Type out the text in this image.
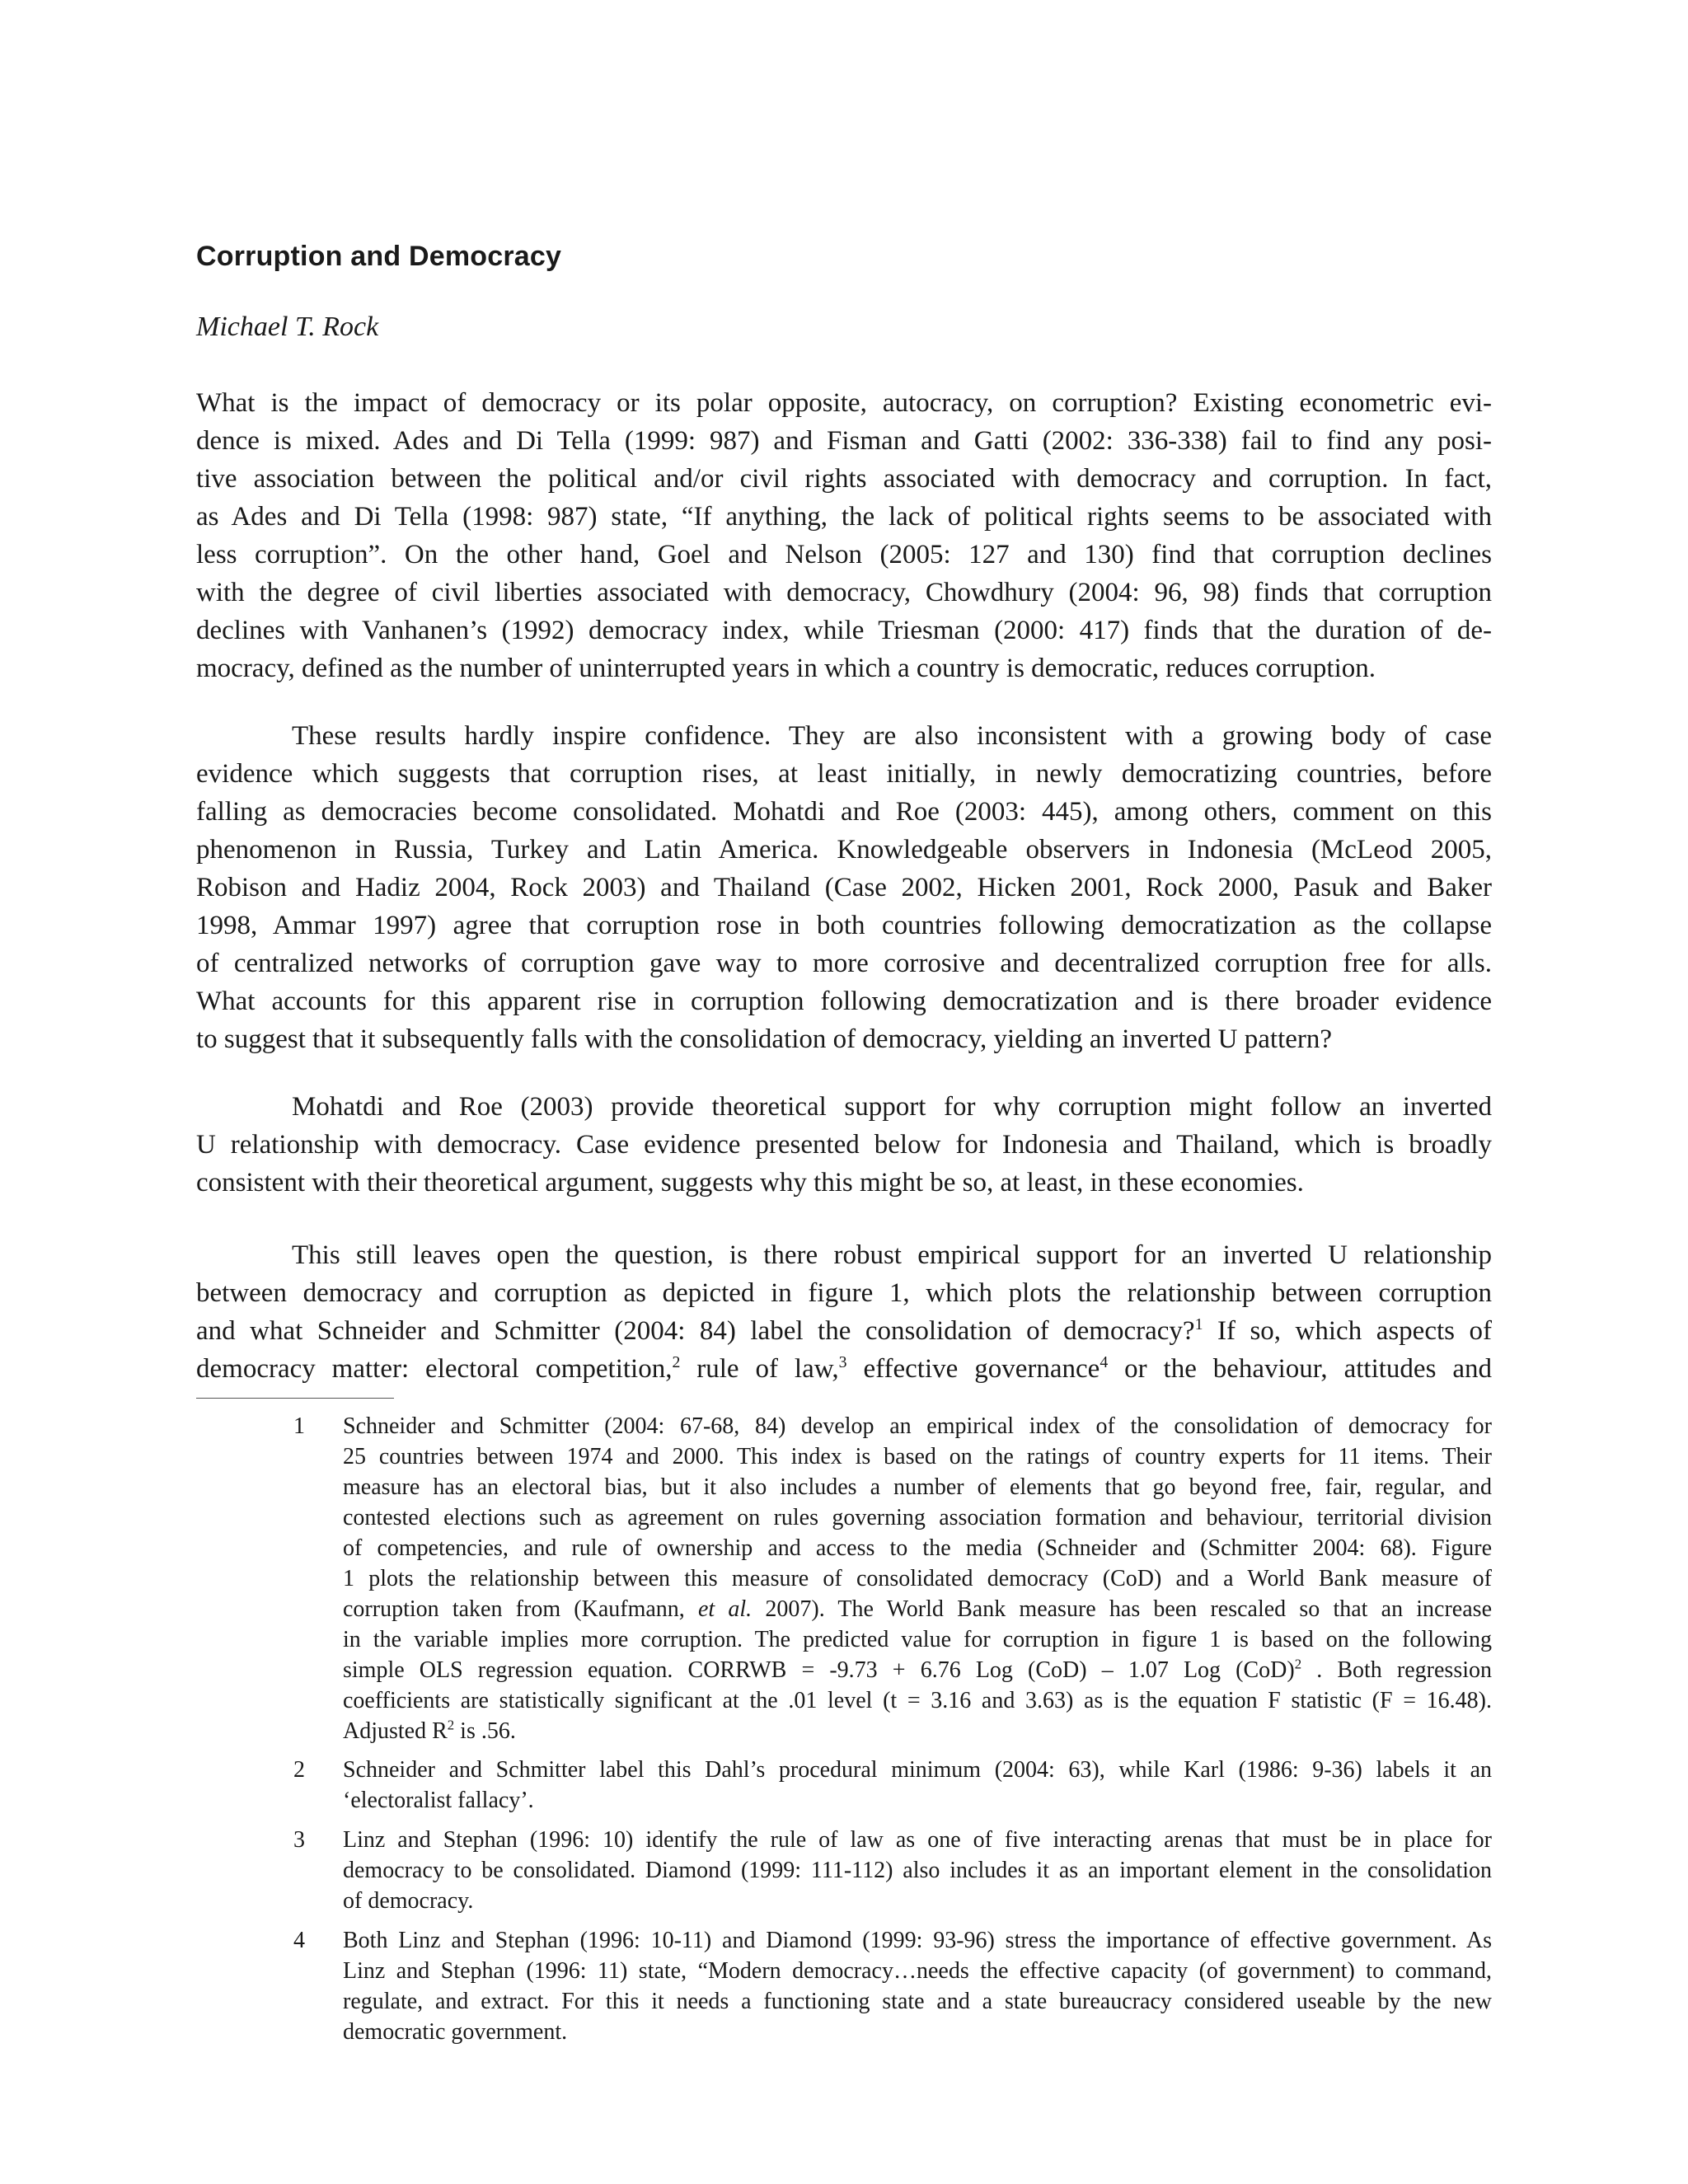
Corruption and Democracy
Michael T. Rock
What is the impact of democracy or its polar opposite, autocracy, on corruption? Existing econometric evi-
dence is mixed. Ades and Di Tella (1999: 987) and Fisman and Gatti (2002: 336-338) fail to find any posi-
tive association between the political and/or civil rights associated with democracy and corruption. In fact,
as Ades and Di Tella (1998: 987) state, “If anything, the lack of political rights seems to be associated with
less corruption”. On the other hand, Goel and Nelson (2005: 127 and 130) find that corruption declines
with the degree of civil liberties associated with democracy, Chowdhury (2004: 96, 98) finds that corruption
declines with Vanhanen’s (1992) democracy index, while Triesman (2000: 417) finds that the duration of de-
mocracy, defined as the number of uninterrupted years in which a country is democratic, reduces corruption.
These results hardly inspire confidence. They are also inconsistent with a growing body of case
evidence which suggests that corruption rises, at least initially, in newly democratizing countries, before
falling as democracies become consolidated. Mohatdi and Roe (2003: 445), among others, comment on this
phenomenon in Russia, Turkey and Latin America. Knowledgeable observers in Indonesia (McLeod 2005,
Robison and Hadiz 2004, Rock 2003) and Thailand (Case 2002, Hicken 2001, Rock 2000, Pasuk and Baker
1998, Ammar 1997) agree that corruption rose in both countries following democratization as the collapse
of centralized networks of corruption gave way to more corrosive and decentralized corruption free for alls.
What accounts for this apparent rise in corruption following democratization and is there broader evidence
to suggest that it subsequently falls with the consolidation of democracy, yielding an inverted U pattern?
Mohatdi and Roe (2003) provide theoretical support for why corruption might follow an inverted
U relationship with democracy. Case evidence presented below for Indonesia and Thailand, which is broadly
consistent with their theoretical argument, suggests why this might be so, at least, in these economies.
This still leaves open the question, is there robust empirical support for an inverted U relationship
between democracy and corruption as depicted in figure 1, which plots the relationship between corruption
and what Schneider and Schmitter (2004: 84) label the consolidation of democracy?$^1$ If so, which aspects of
democracy matter: electoral competition,$^2$ rule of law,$^3$ effective governance$^4$ or the behaviour, attitudes and
1 Schneider and Schmitter (2004: 67-68, 84) develop an empirical index of the consolidation of democracy for
25 countries between 1974 and 2000. This index is based on the ratings of country experts for 11 items. Their
measure has an electoral bias, but it also includes a number of elements that go beyond free, fair, regular, and
contested elections such as agreement on rules governing association formation and behaviour, territorial division
of competencies, and rule of ownership and access to the media (Schneider and (Schmitter 2004: 68). Figure
1 plots the relationship between this measure of consolidated democracy (CoD) and a World Bank measure of
corruption taken from (Kaufmann, et al. 2007). The World Bank measure has been rescaled so that an increase
in the variable implies more corruption. The predicted value for corruption in figure 1 is based on the following
simple OLS regression equation. CORRWB = -9.73 + 6.76 Log (CoD) – 1.07 Log (CoD)$^2$ . Both regression
coefficients are statistically significant at the .01 level (t = 3.16 and 3.63) as is the equation F statistic (F = 16.48).
Adjusted $R^2$ is .56.
2 Schneider and Schmitter label this Dahl’s procedural minimum (2004: 63), while Karl (1986: 9-36) labels it an
‘electoralist fallacy’.
3 Linz and Stephan (1996: 10) identify the rule of law as one of five interacting arenas that must be in place for
democracy to be consolidated. Diamond (1999: 111-112) also includes it as an important element in the consolidation
of democracy.
4 Both Linz and Stephan (1996: 10-11) and Diamond (1999: 93-96) stress the importance of effective government. As
Linz and Stephan (1996: 11) state, “Modern democracy…needs the effective capacity (of government) to command,
regulate, and extract. For this it needs a functioning state and a state bureaucracy considered useable by the new
democratic government.
